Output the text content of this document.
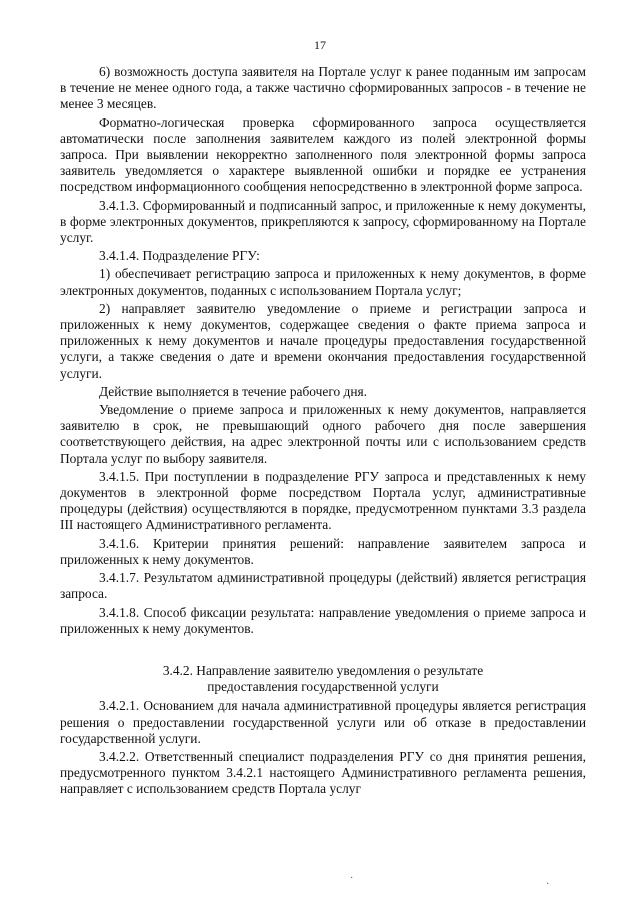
17

6) возможность доступа заявителя на Портале услуг к ранее поданным им запросам в течение не менее одного года, а также частично сформированных запросов - в течение не менее 3 месяцев.

Форматно-логическая проверка сформированного запроса осуществляется автоматически после заполнения заявителем каждого из полей электронной формы запроса. При выявлении некорректно заполненного поля электронной формы запроса заявитель уведомляется о характере выявленной ошибки и порядке ее устранения посредством информационного сообщения непосредственно в электронной форме запроса.

3.4.1.3. Сформированный и подписанный запрос, и приложенные к нему документы, в форме электронных документов, прикрепляются к запросу, сформированному на Портале услуг.

3.4.1.4. Подразделение РГУ:

1) обеспечивает регистрацию запроса и приложенных к нему документов, в форме электронных документов, поданных с использованием Портала услуг;

2) направляет заявителю уведомление о приеме и регистрации запроса и приложенных к нему документов, содержащее сведения о факте приема запроса и приложенных к нему документов и начале процедуры предоставления государственной услуги, а также сведения о дате и времени окончания предоставления государственной услуги.

Действие выполняется в течение рабочего дня.

Уведомление о приеме запроса и приложенных к нему документов, направляется заявителю в срок, не превышающий одного рабочего дня после завершения соответствующего действия, на адрес электронной почты или с использованием средств Портала услуг по выбору заявителя.

3.4.1.5. При поступлении в подразделение РГУ запроса и представленных к нему документов в электронной форме посредством Портала услуг, административные процедуры (действия) осуществляются в порядке, предусмотренном пунктами 3.3 раздела III настоящего Административного регламента.

3.4.1.6. Критерии принятия решений: направление заявителем запроса и приложенных к нему документов.

3.4.1.7. Результатом административной процедуры (действий) является регистрация запроса.

3.4.1.8. Способ фиксации результата: направление уведомления о приеме запроса и приложенных к нему документов.

3.4.2. Направление заявителю уведомления о результате
предоставления государственной услуги

3.4.2.1. Основанием для начала административной процедуры является регистрация решения о предоставлении государственной услуги или об отказе в предоставлении государственной услуги.

3.4.2.2. Ответственный специалист подразделения РГУ со дня принятия решения, предусмотренного пунктом 3.4.2.1 настоящего Административного регламента решения, направляет с использованием средств Портала услуг

·
·
